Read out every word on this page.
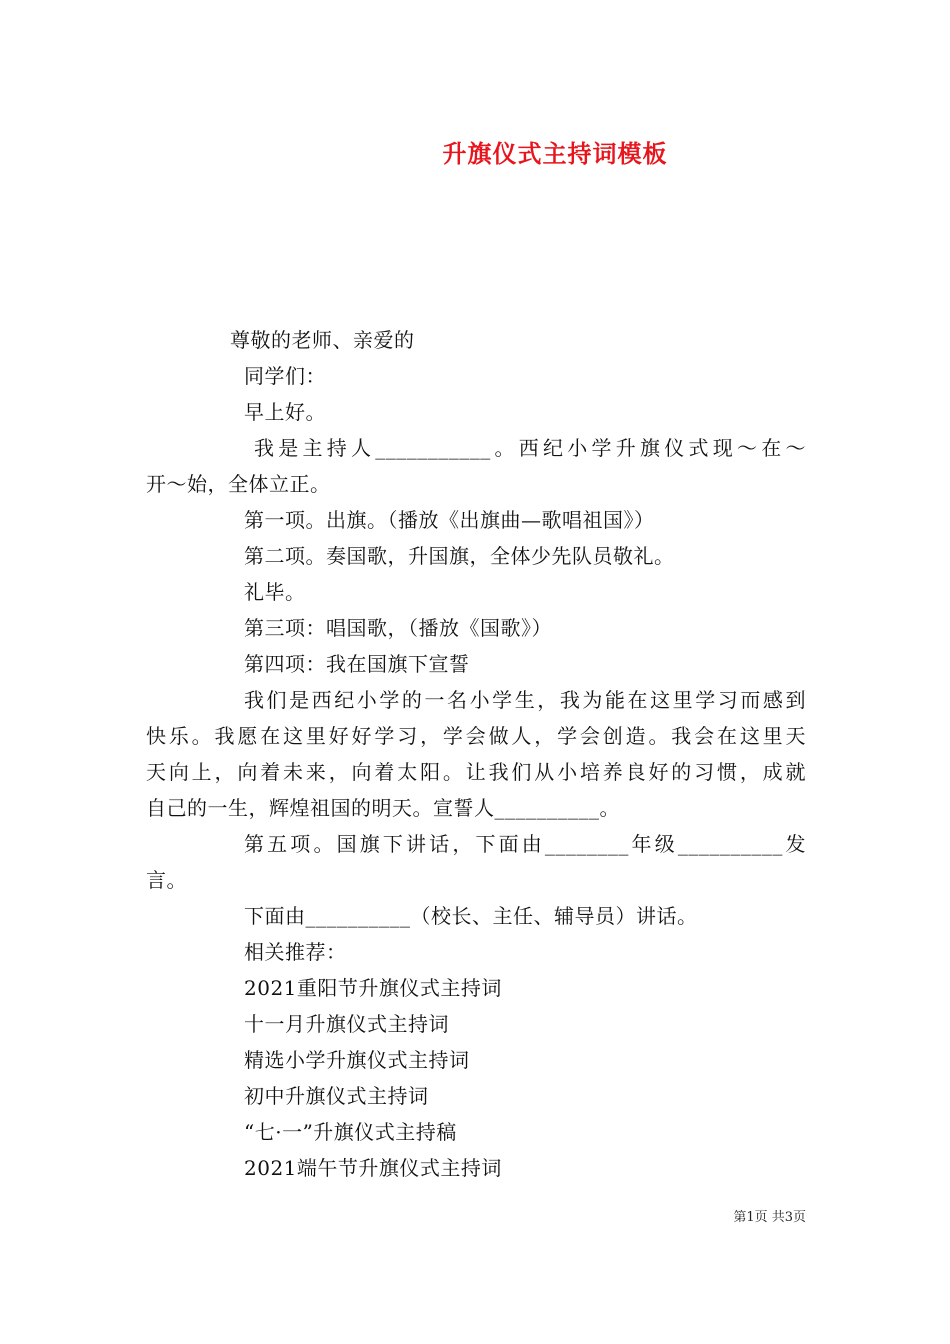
升旗仪式主持词模板
尊敬的老师、亲爱的
同学们：
早上好。
我是主持人___________。西纪小学升旗仪式现～在～
开～始，全体立正。
第一项。出旗。（播放《出旗曲—歌唱祖国》）
第二项。奏国歌，升国旗，全体少先队员敬礼。
礼毕。
第三项：唱国歌，（播放《国歌》）
第四项：我在国旗下宣誓
我们是西纪小学的一名小学生，我为能在这里学习而感到
快乐。我愿在这里好好学习，学会做人，学会创造。我会在这里天
天向上，向着未来，向着太阳。让我们从小培养良好的习惯，成就
自己的一生，辉煌祖国的明天。宣誓人__________。
第五项。国旗下讲话，下面由________年级__________发
言。
下面由__________（校长、主任、辅导员）讲话。
相关推荐：
2021重阳节升旗仪式主持词
十一月升旗仪式主持词
精选小学升旗仪式主持词
初中升旗仪式主持词
“七·一”升旗仪式主持稿
2021端午节升旗仪式主持词
第1页 共3页
